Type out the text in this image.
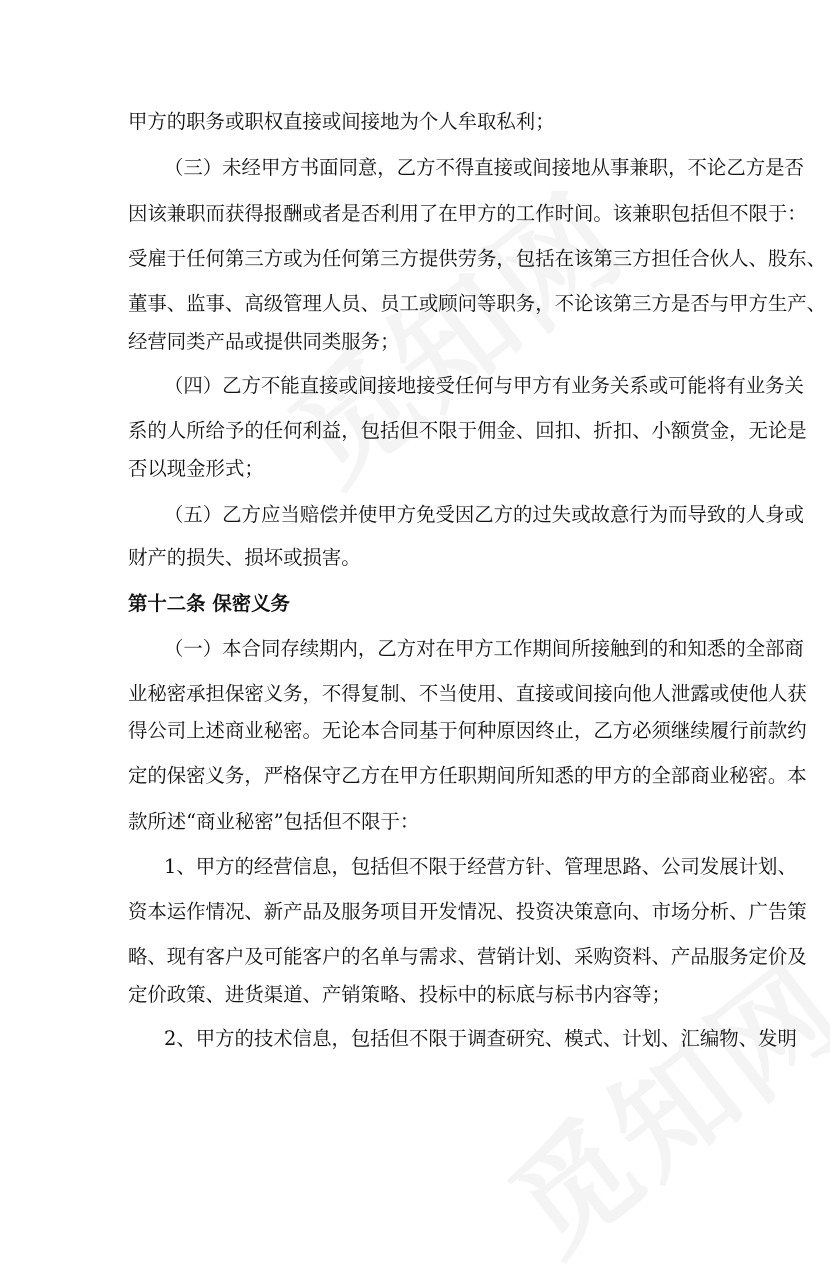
甲方的职务或职权直接或间接地为个人牟取私利；
（三）未经甲方书面同意，乙方不得直接或间接地从事兼职，不论乙方是否
因该兼职而获得报酬或者是否利用了在甲方的工作时间。该兼职包括但不限于：
受雇于任何第三方或为任何第三方提供劳务，包括在该第三方担任合伙人、股东、
董事、监事、高级管理人员、员工或顾问等职务，不论该第三方是否与甲方生产、
经营同类产品或提供同类服务；
（四）乙方不能直接或间接地接受任何与甲方有业务关系或可能将有业务关
系的人所给予的任何利益，包括但不限于佣金、回扣、折扣、小额赏金，无论是
否以现金形式；
（五）乙方应当赔偿并使甲方免受因乙方的过失或故意行为而导致的人身或
财产的损失、损坏或损害。
第十二条 保密义务
（一）本合同存续期内，乙方对在甲方工作期间所接触到的和知悉的全部商
业秘密承担保密义务，不得复制、不当使用、直接或间接向他人泄露或使他人获
得公司上述商业秘密。无论本合同基于何种原因终止，乙方必须继续履行前款约
定的保密义务，严格保守乙方在甲方任职期间所知悉的甲方的全部商业秘密。本
款所述“商业秘密”包括但不限于：
1、甲方的经营信息，包括但不限于经营方针、管理思路、公司发展计划、
资本运作情况、新产品及服务项目开发情况、投资决策意向、市场分析、广告策
略、现有客户及可能客户的名单与需求、营销计划、采购资料、产品服务定价及
定价政策、进货渠道、产销策略、投标中的标底与标书内容等；
2、甲方的技术信息，包括但不限于调查研究、模式、计划、汇编物、发明
